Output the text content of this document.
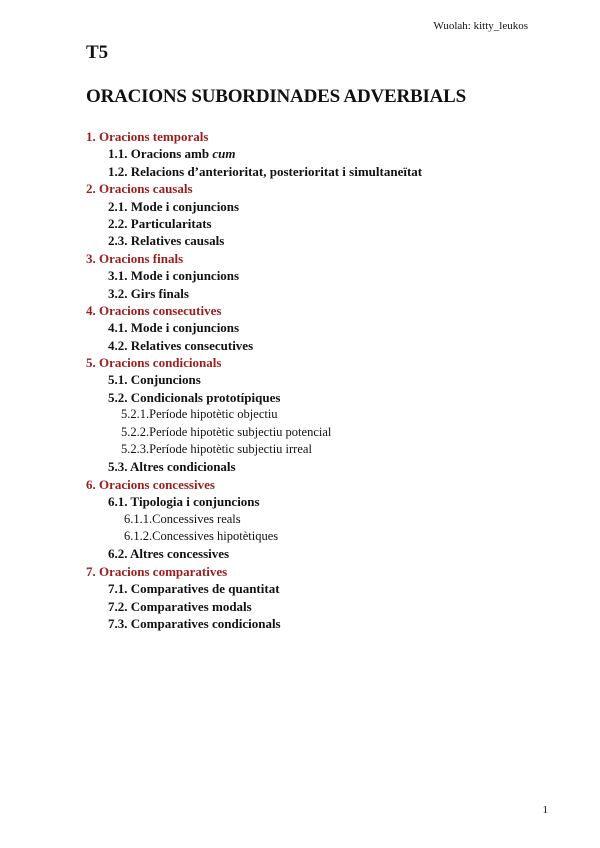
Wuolah: kitty_leukos
T5
ORACIONS SUBORDINADES ADVERBIALS
1. Oracions temporals
1.1. Oracions amb cum
1.2. Relacions d’anterioritat, posterioritat i simultaneïtat
2. Oracions causals
2.1. Mode i conjuncions
2.2. Particularitats
2.3. Relatives causals
3. Oracions finals
3.1. Mode i conjuncions
3.2. Girs finals
4. Oracions consecutives
4.1. Mode i conjuncions
4.2. Relatives consecutives
5. Oracions condicionals
5.1. Conjuncions
5.2. Condicionals prototípiques
5.2.1.Període hipotètic objectiu
5.2.2.Període hipotètic subjectiu potencial
5.2.3.Període hipotètic subjectiu irreal
5.3. Altres condicionals
6. Oracions concessives
6.1. Tipologia i conjuncions
6.1.1.Concessives reals
6.1.2.Concessives hipotètiques
6.2. Altres concessives
7. Oracions comparatives
7.1. Comparatives de quantitat
7.2. Comparatives modals
7.3. Comparatives condicionals
1
